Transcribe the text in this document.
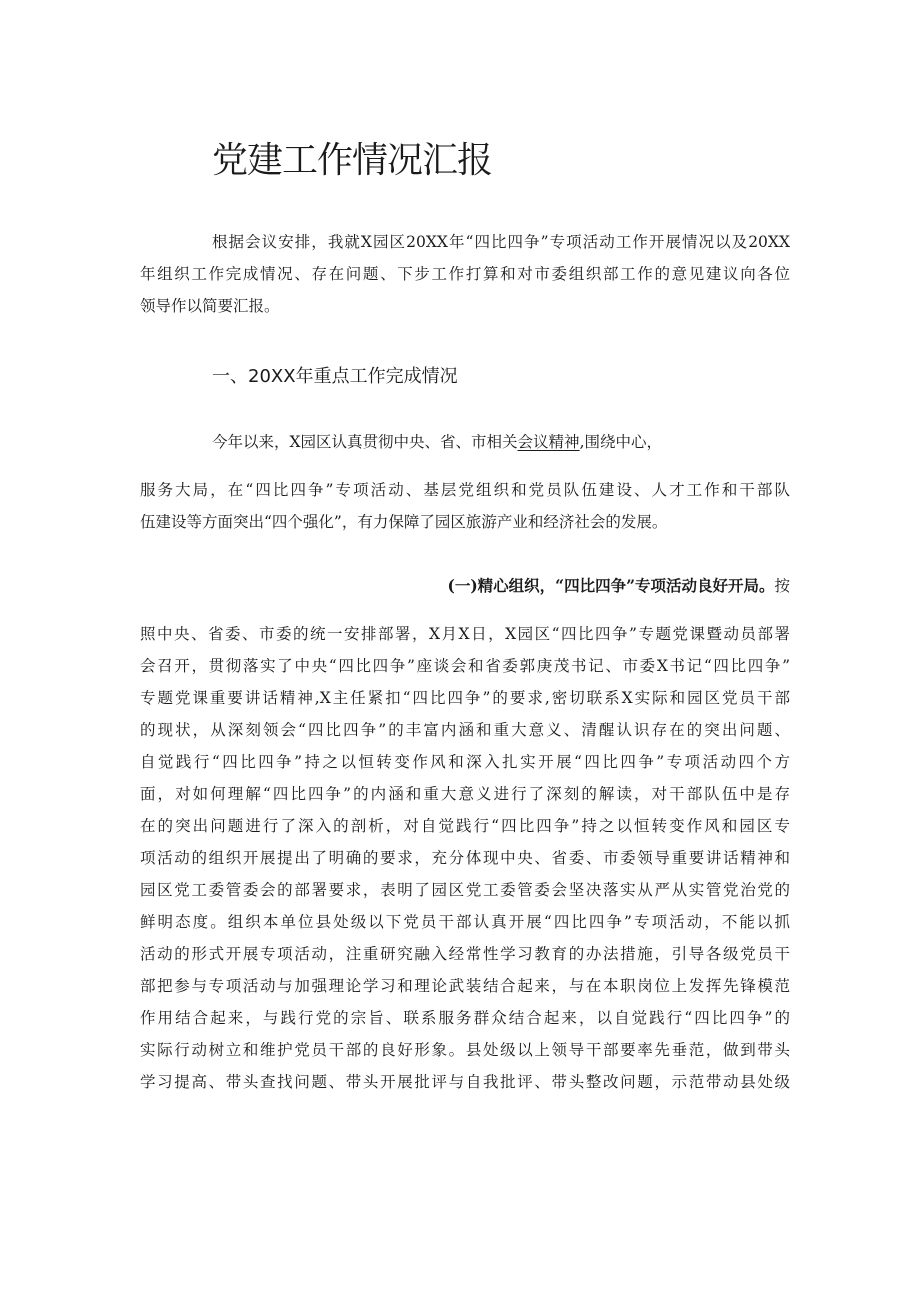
党建工作情况汇报
根据会议安排，我就X园区20XX年“四比四争”专项活动工作开展情况以及20XX
年组织工作完成情况、存在问题、下步工作打算和对市委组织部工作的意见建议向各位
领导作以简要汇报。
一、20XX年重点工作完成情况

今年以来，X园区认真贯彻中央、省、市相关会议精神,围绕中心，

服务大局，在“四比四争”专项活动、基层党组织和党员队伍建设、人才工作和干部队
伍建设等方面突出“四个强化”，有力保障了园区旅游产业和经济社会的发展。

(一)精心组织，“四比四争”专项活动良好开局。按

照中央、省委、市委的统一安排部署，X月X日，X园区“四比四争”专题党课暨动员部署
会召开，贯彻落实了中央“四比四争”座谈会和省委郭庚茂书记、市委X书记“四比四争”
专题党课重要讲话精神,X主任紧扣“四比四争”的要求,密切联系X实际和园区党员干部
的现状，从深刻领会“四比四争”的丰富内涵和重大意义、清醒认识存在的突出问题、
自觉践行“四比四争”持之以恒转变作风和深入扎实开展“四比四争”专项活动四个方
面，对如何理解“四比四争”的内涵和重大意义进行了深刻的解读，对干部队伍中是存
在的突出问题进行了深入的剖析，对自觉践行“四比四争”持之以恒转变作风和园区专
项活动的组织开展提出了明确的要求，充分体现中央、省委、市委领导重要讲话精神和
园区党工委管委会的部署要求，表明了园区党工委管委会坚决落实从严从实管党治党的
鲜明态度。组织本单位县处级以下党员干部认真开展“四比四争”专项活动，不能以抓
活动的形式开展专项活动，注重研究融入经常性学习教育的办法措施，引导各级党员干
部把参与专项活动与加强理论学习和理论武装结合起来，与在本职岗位上发挥先锋模范
作用结合起来，与践行党的宗旨、联系服务群众结合起来，以自觉践行“四比四争”的
实际行动树立和维护党员干部的良好形象。县处级以上领导干部要率先垂范，做到带头
学习提高、带头查找问题、带头开展批评与自我批评、带头整改问题，示范带动县处级
